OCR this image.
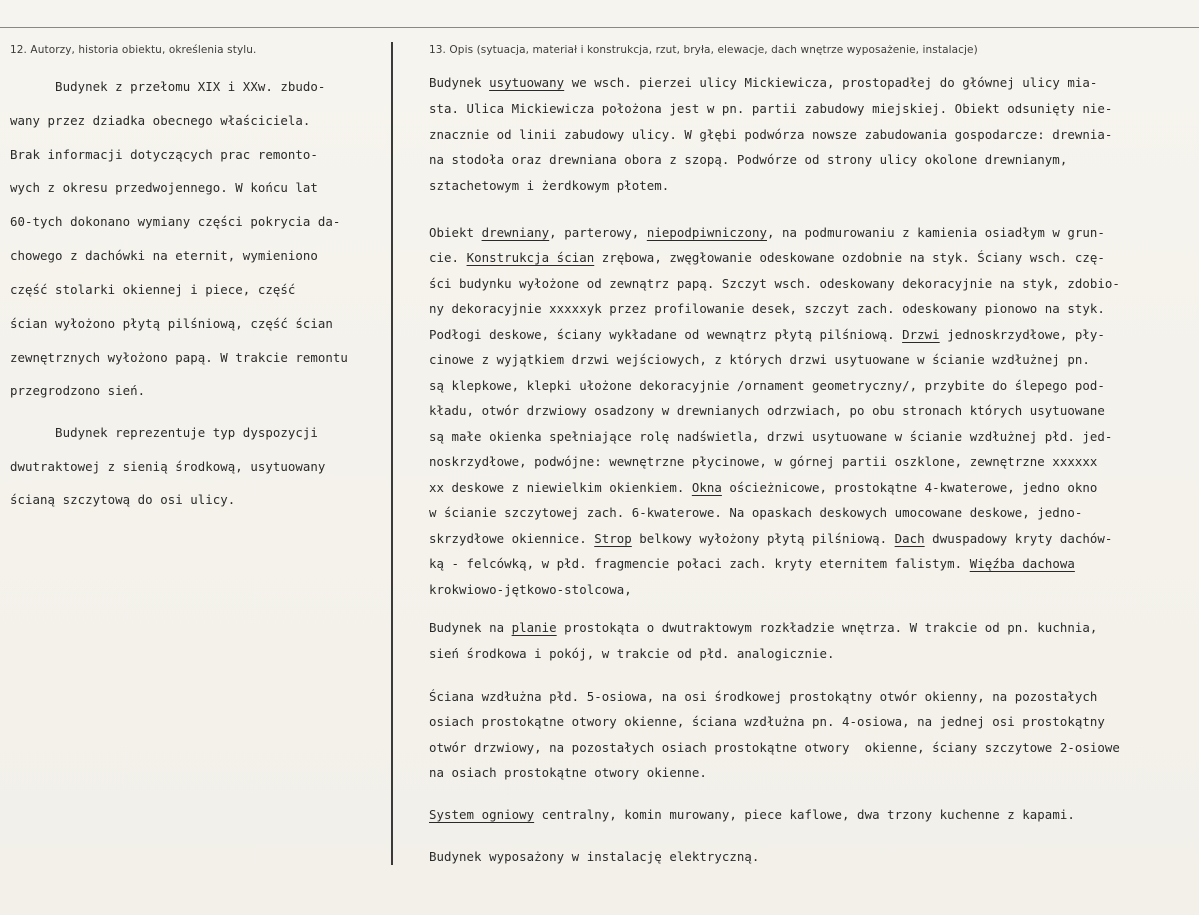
12. Autorzy, historia obiektu, określenia stylu.	13. Opis (sytuacja, materiał i konstrukcja, rzut, bryła, elewacje, dach wnętrze wyposażenie, instalacje)
Budynek z przełomu XIX i XXw. zbudo-
wany przez dziadka obecnego właściciela.
Brak informacji dotyczących prac remonto-
wych z okresu przedwojennego. W końcu lat
60-tych dokonano wymiany części pokrycia da-
chowego z dachówki na eternit, wymieniono
część stolarki okiennej i piece, część
ścian wyłożono płytą pilśniową, część ścian
zewnętrznych wyłożono papą. W trakcie remontu
przegrodzono sień.
Budynek reprezentuje typ dyspozycji
dwutraktowej z sienią środkową, usytuowany
ścianą szczytową do osi ulicy.
Budynek usytuowany we wsch. pierzei ulicy Mickiewicza, prostopadłej do głównej ulicy mia-
sta. Ulica Mickiewicza położona jest w pn. partii zabudowy miejskiej. Obiekt odsunięty nie-
znacznie od linii zabudowy ulicy. W głębi podwórza nowsze zabudowania gospodarcze: drewnia-
na stodoła oraz drewniana obora z szopą. Podwórze od strony ulicy okolone drewnianym,
sztachetowym i żerdkowym płotem.
Obiekt drewniany, parterowy, niepodpiwniczony, na podmurowaniu z kamienia osiadłym w grun-
cie. Konstrukcja ścian zrębowa, zwęgłowanie odeskowane ozdobnie na styk. Ściany wsch. czę-
ści budynku wyłożone od zewnątrz papą. Szczyt wsch. odeskowany dekoracyjnie na styk, zdobio-
ny dekoracyjnie xxxxxyk przez profilowanie desek, szczyt zach. odeskowany pionowo na styk.
Podłogi deskowe, ściany wykładane od wewnątrz płytą pilśniową. Drzwi jednoskrzydłowe, pły-
cinowe z wyjątkiem drzwi wejściowych, z których drzwi usytuowane w ścianie wzdłużnej pn.
są klepkowe, klepki ułożone dekoracyjnie /ornament geometryczny/, przybite do ślepego pod-
kładu, otwór drzwiowy osadzony w drewnianych odrzwiach, po obu stronach których usytuowane
są małe okienka spełniające rolę nadświetla, drzwi usytuowane w ścianie wzdłużnej płd. jed-
noskrzydłowe, podwójne: wewnętrzne płycinowe, w górnej partii oszklone, zewnętrzne xxxxxx
xx deskowe z niewielkim okienkiem. Okna ościeżnicowe, prostokątne 4-kwaterowe, jedno okno
w ścianie szczytowej zach. 6-kwaterowe. Na opaskach deskowych umocowane deskowe, jedno-
skrzydłowe okiennice. Strop belkowy wyłożony płytą pilśniową. Dach dwuspadowy kryty dachów-
ką - felcówką, w płd. fragmencie połaci zach. kryty eternitem falistym. Więźba dachowa
krokwiowo-jętkowo-stolcowa,
Budynek na planie prostokąta o dwutraktowym rozkładzie wnętrza. W trakcie od pn. kuchnia,
sień środkowa i pokój, w trakcie od płd. analogicznie.
Ściana wzdłużna płd. 5-osiowa, na osi środkowej prostokątny otwór okienny, na pozostałych
osiach prostokątne otwory okienne, ściana wzdłużna pn. 4-osiowa, na jednej osi prostokątny
otwór drzwiowy, na pozostałych osiach prostokątne otwory  okienne, ściany szczytowe 2-osiowe
na osiach prostokątne otwory okienne.
System ogniowy centralny, komin murowany, piece kaflowe, dwa trzony kuchenne z kapami.
Budynek wyposażony w instalację elektryczną.
